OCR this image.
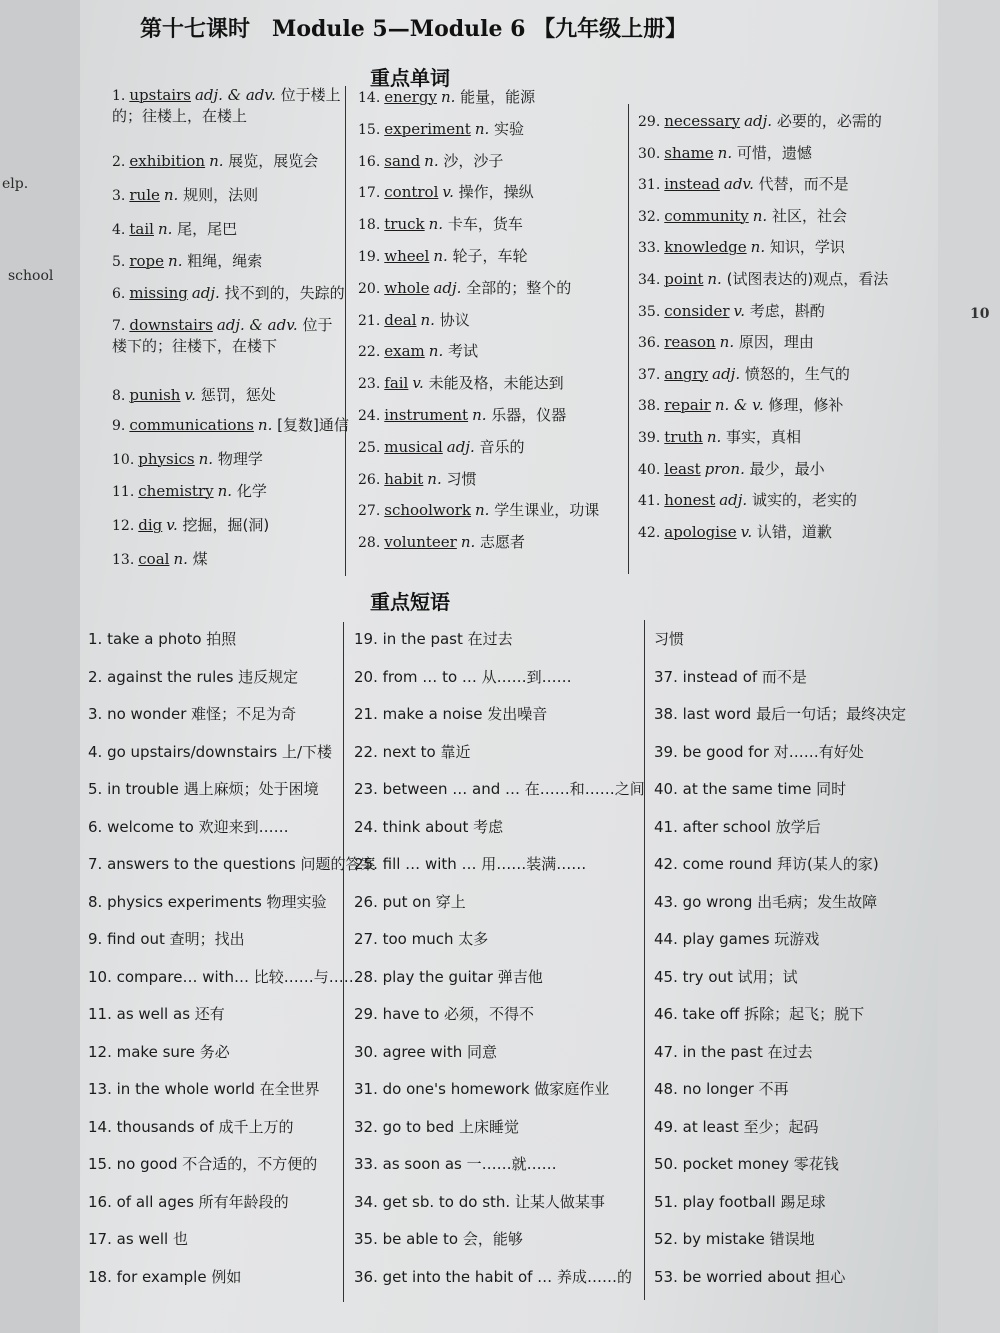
elp.
school
10
第十七课时　Module 5—Module 6 【九年级上册】
重点单词
重点短语
1. upstairs adj. & adv. 位于楼上的；往楼上，在楼上
2. exhibition n. 展览，展览会
3. rule n. 规则，法则
4. tail n. 尾，尾巴
5. rope n. 粗绳，绳索
6. missing adj. 找不到的，失踪的
7. downstairs adj. & adv. 位于楼下的；往楼下，在楼下
8. punish v. 惩罚，惩处
9. communications n. [复数]通信
10. physics n. 物理学
11. chemistry n. 化学
12. dig v. 挖掘，掘(洞)
13. coal n. 煤
14. energy n. 能量，能源
15. experiment n. 实验
16. sand n. 沙，沙子
17. control v. 操作，操纵
18. truck n. 卡车，货车
19. wheel n. 轮子，车轮
20. whole adj. 全部的；整个的
21. deal n. 协议
22. exam n. 考试
23. fail v. 未能及格，未能达到
24. instrument n. 乐器，仪器
25. musical adj. 音乐的
26. habit n. 习惯
27. schoolwork n. 学生课业，功课
28. volunteer n. 志愿者
29. necessary adj. 必要的，必需的
30. shame n. 可惜，遗憾
31. instead adv. 代替，而不是
32. community n. 社区，社会
33. knowledge n. 知识，学识
34. point n. (试图表达的)观点，看法
35. consider v. 考虑，斟酌
36. reason n. 原因，理由
37. angry adj. 愤怒的，生气的
38. repair n. & v. 修理，修补
39. truth n. 事实，真相
40. least pron. 最少，最小
41. honest adj. 诚实的，老实的
42. apologise v. 认错，道歉
1. take a photo 拍照
2. against the rules 违反规定
3. no wonder 难怪；不足为奇
4. go upstairs/downstairs 上/下楼
5. in trouble 遇上麻烦；处于困境
6. welcome to 欢迎来到……
7. answers to the questions 问题的答案
8. physics experiments 物理实验
9. find out 查明；找出
10. compare… with… 比较……与……
11. as well as 还有
12. make sure 务必
13. in the whole world 在全世界
14. thousands of 成千上万的
15. no good 不合适的，不方便的
16. of all ages 所有年龄段的
17. as well 也
18. for example 例如
19. in the past 在过去
20. from … to … 从……到……
21. make a noise 发出噪音
22. next to 靠近
23. between … and … 在……和……之间
24. think about 考虑
25. fill … with … 用……装满……
26. put on 穿上
27. too much 太多
28. play the guitar 弹吉他
29. have to 必须，不得不
30. agree with 同意
31. do one's homework 做家庭作业
32. go to bed 上床睡觉
33. as soon as 一……就……
34. get sb. to do sth. 让某人做某事
35. be able to 会，能够
36. get into the habit of … 养成……的
习惯
37. instead of 而不是
38. last word 最后一句话；最终决定
39. be good for 对……有好处
40. at the same time 同时
41. after school 放学后
42. come round 拜访(某人的家)
43. go wrong 出毛病；发生故障
44. play games 玩游戏
45. try out 试用；试
46. take off 拆除；起飞；脱下
47. in the past 在过去
48. no longer 不再
49. at least 至少；起码
50. pocket money 零花钱
51. play football 踢足球
52. by mistake 错误地
53. be worried about 担心
